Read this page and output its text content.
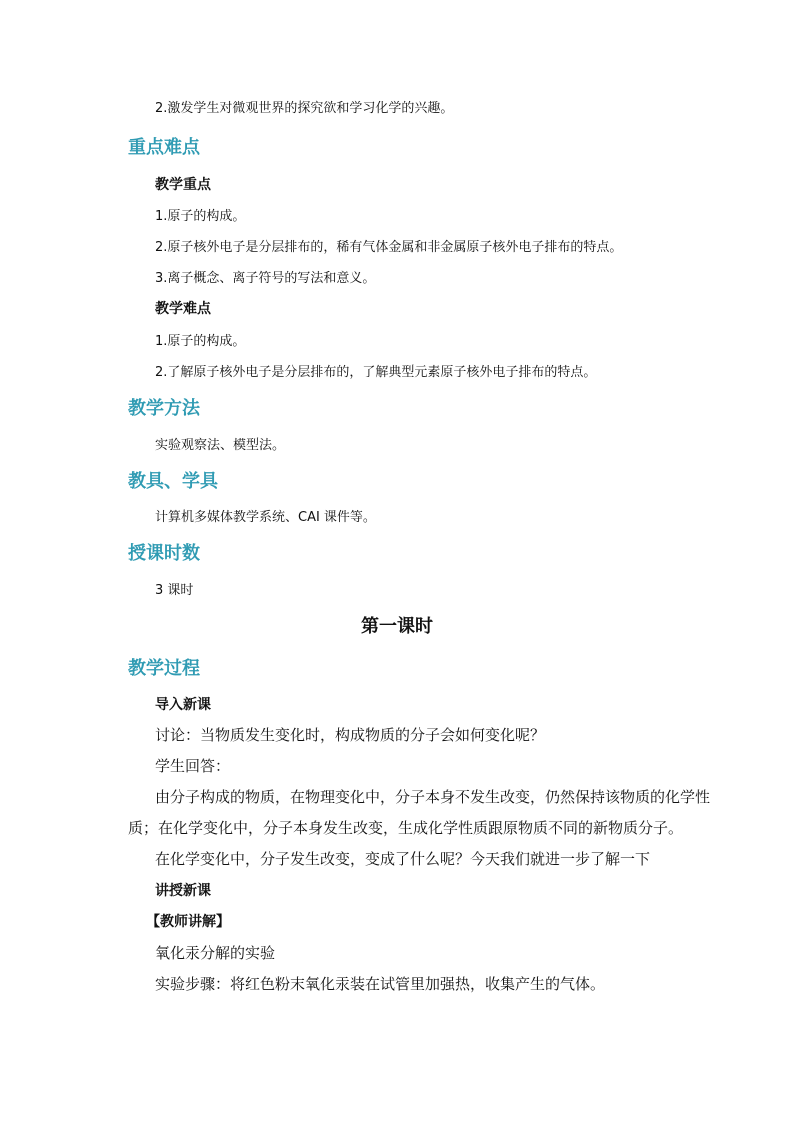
2.激发学生对微观世界的探究欲和学习化学的兴趣。
重点难点
教学重点
1.原子的构成。
2.原子核外电子是分层排布的，稀有气体金属和非金属原子核外电子排布的特点。
3.离子概念、离子符号的写法和意义。
教学难点
1.原子的构成。
2.了解原子核外电子是分层排布的，了解典型元素原子核外电子排布的特点。
教学方法
实验观察法、模型法。
教具、学具
计算机多媒体教学系统、CAI 课件等。
授课时数
3 课时
第一课时
教学过程
导入新课
讨论：当物质发生变化时，构成物质的分子会如何变化呢？
学生回答：
由分子构成的物质，在物理变化中，分子本身不发生改变，仍然保持该物质的化学性
质；在化学变化中，分子本身发生改变，生成化学性质跟原物质不同的新物质分子。
在化学变化中，分子发生改变，变成了什么呢？今天我们就进一步了解一下
讲授新课
【教师讲解】
氧化汞分解的实验
实验步骤：将红色粉末氧化汞装在试管里加强热，收集产生的气体。
